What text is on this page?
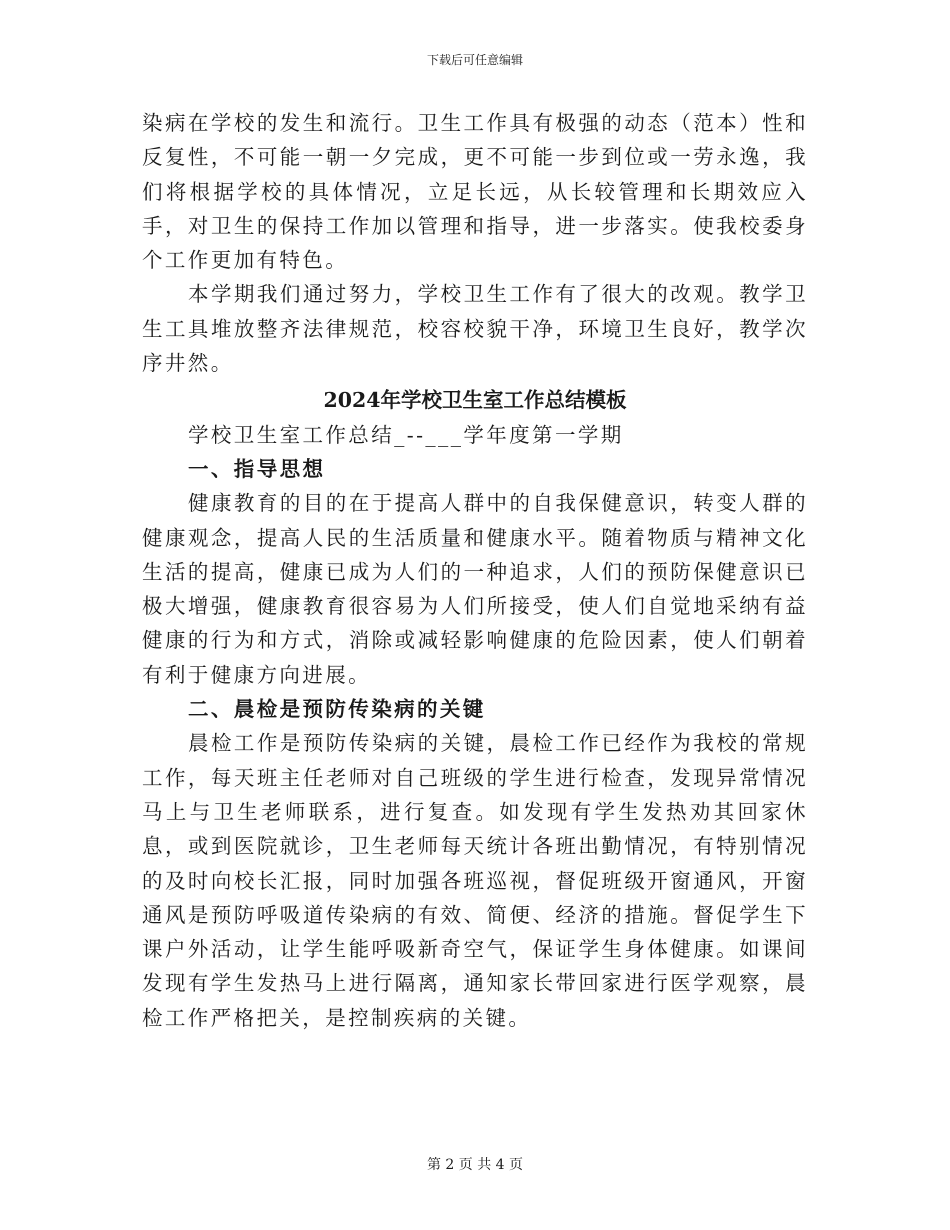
下载后可任意编辑

染病在学校的发生和流行。卫生工作具有极强的动态（范本）性和反复性，不可能一朝一夕完成，更不可能一步到位或一劳永逸，我们将根据学校的具体情况，立足长远，从长较管理和长期效应入手，对卫生的保持工作加以管理和指导，进一步落实。使我校委身个工作更加有特色。

本学期我们通过努力，学校卫生工作有了很大的改观。教学卫生工具堆放整齐法律规范，校容校貌干净，环境卫生良好，教学次序井然。

2024年学校卫生室工作总结模板

学校卫生室工作总结_--___学年度第一学期

一、指导思想

健康教育的目的在于提高人群中的自我保健意识，转变人群的健康观念，提高人民的生活质量和健康水平。随着物质与精神文化生活的提高，健康已成为人们的一种追求，人们的预防保健意识已极大增强，健康教育很容易为人们所接受，使人们自觉地采纳有益健康的行为和方式，消除或减轻影响健康的危险因素，使人们朝着有利于健康方向进展。

二、晨检是预防传染病的关键

晨检工作是预防传染病的关键，晨检工作已经作为我校的常规工作，每天班主任老师对自己班级的学生进行检查，发现异常情况马上与卫生老师联系，进行复查。如发现有学生发热劝其回家休息，或到医院就诊，卫生老师每天统计各班出勤情况，有特别情况的及时向校长汇报，同时加强各班巡视，督促班级开窗通风，开窗通风是预防呼吸道传染病的有效、简便、经济的措施。督促学生下课户外活动，让学生能呼吸新奇空气，保证学生身体健康。如课间发现有学生发热马上进行隔离，通知家长带回家进行医学观察，晨检工作严格把关，是控制疾病的关键。

第 2 页 共 4 页
